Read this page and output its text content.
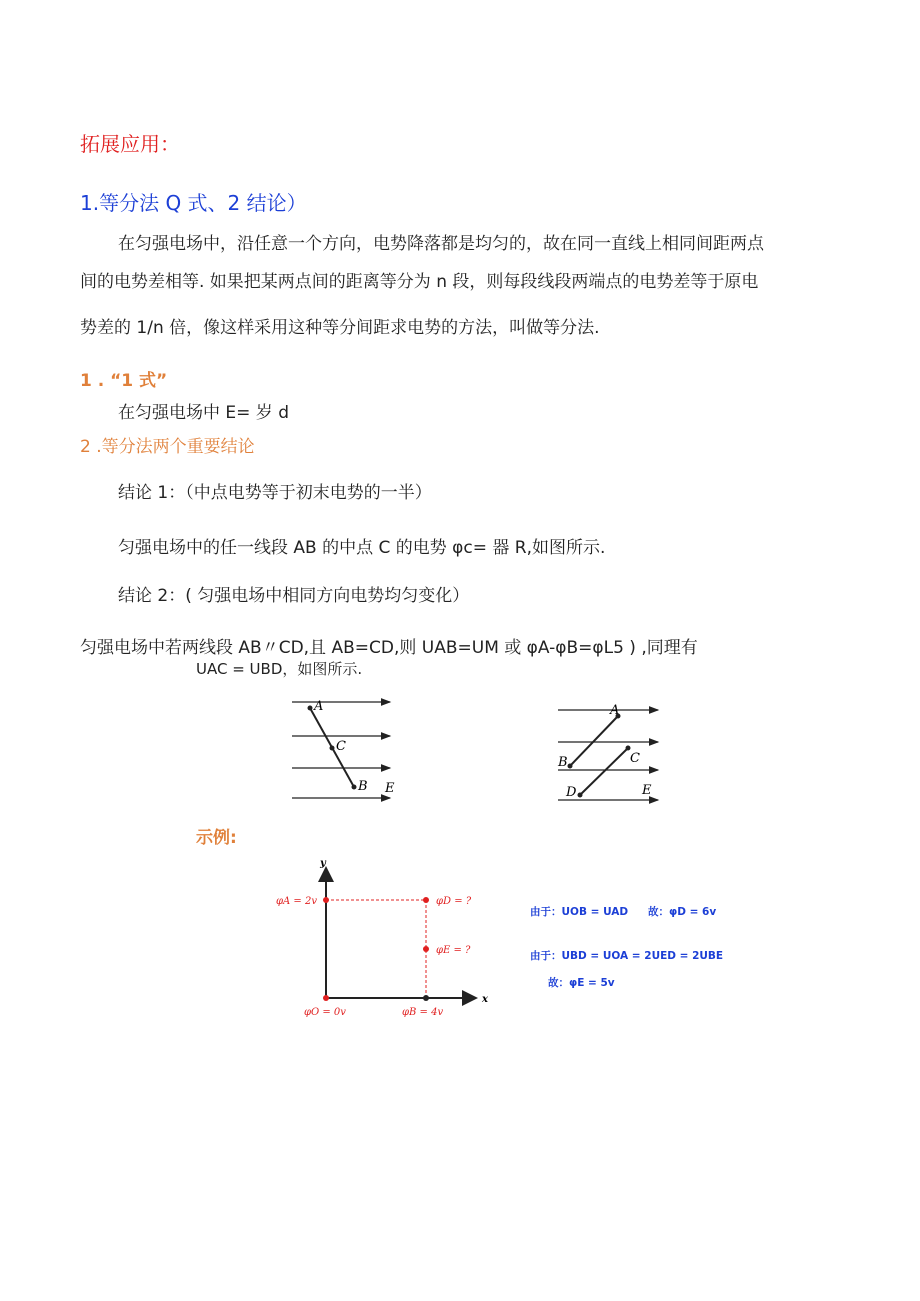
拓展应用：
1.等分法 Q 式、2 结论）
在匀强电场中，沿任意一个方向，电势降落都是均匀的，故在同一直线上相同间距两点
间的电势差相等. 如果把某两点间的距离等分为 n 段，则每段线段两端点的电势差等于原电
势差的 1/n 倍，像这样采用这种等分间距求电势的方法，叫做等分法.
1 . “1 式”
在匀强电场中 E= 岁 d
2 .等分法两个重要结论
结论 1：（中点电势等于初末电势的一半）
匀强电场中的任一线段 AB 的中点 C 的电势 φc= 器 R,如图所示.
结论 2：( 匀强电场中相同方向电势均匀变化）
匀强电场中若两线段 AB〃CD,且 AB=CD,则 UAB=UM 或 φA-φB=φL5 ) ,同理有
UAC = UBD，如图所示.
A
C
B E
A
B	C
D	E
示例:
y
x
φA = 2v	φD = ?
φE = ?
φO = 0v	φB = 4v
由于：UOB = UAD 故：φD = 6v
由于：UBD = UOA = 2UED = 2UBE
故：φE = 5v
